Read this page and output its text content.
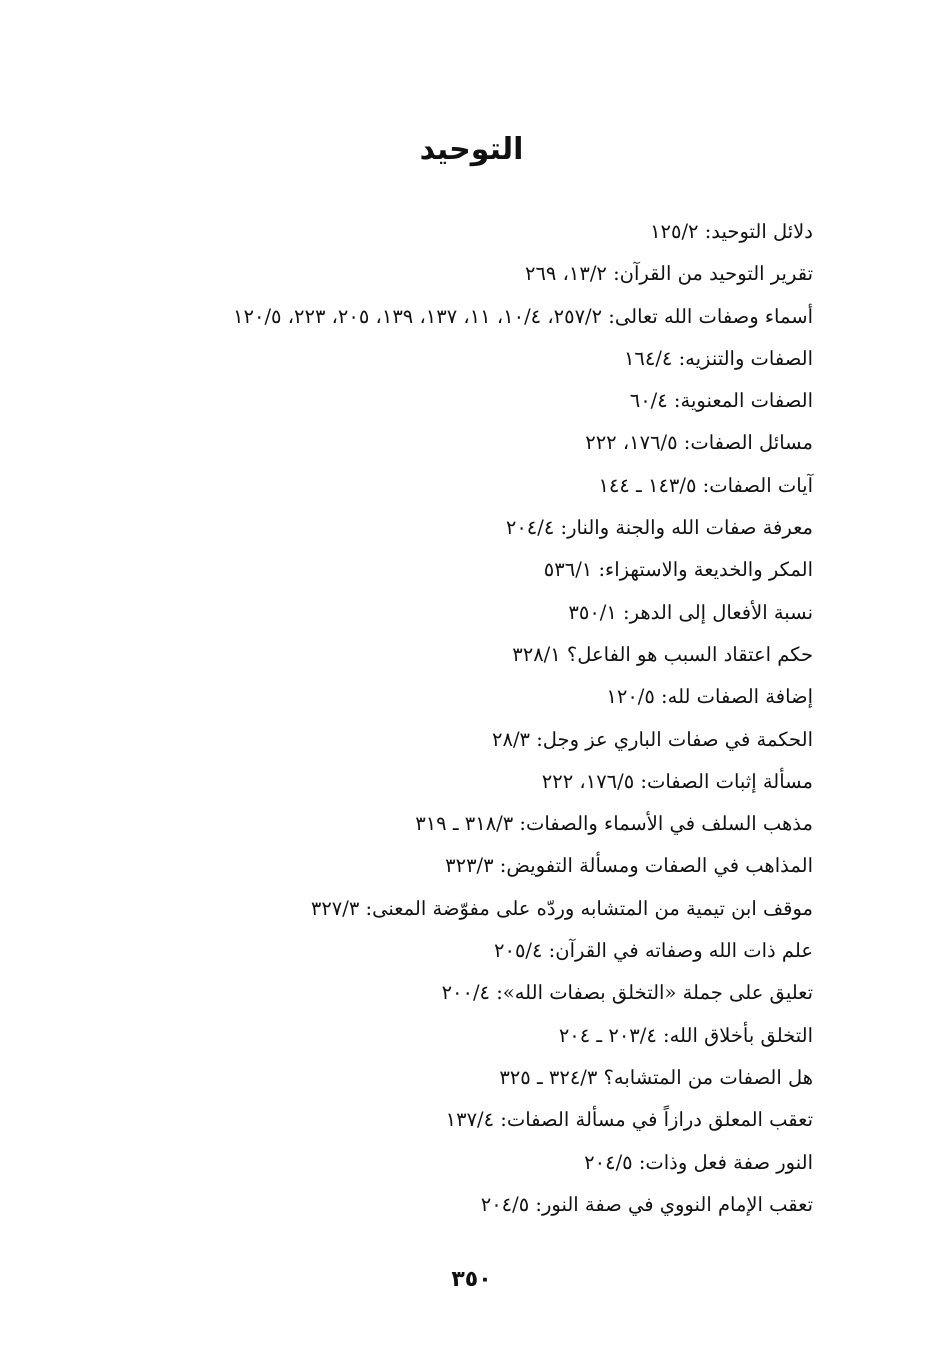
التوحيد
دلائل التوحيد: ١٢٥/٢
تقرير التوحيد من القرآن: ١٣/٢، ٢٦٩
أسماء وصفات الله تعالى: ٢٥٧/٢، ١٠/٤، ١١، ١٣٧، ١٣٩، ٢٠٥، ٢٢٣، ١٢٠/٥
الصفات والتنزيه: ١٦٤/٤
الصفات المعنوية: ٦٠/٤
مسائل الصفات: ١٧٦/٥، ٢٢٢
آيات الصفات: ١٤٣/٥ ـ ١٤٤
معرفة صفات الله والجنة والنار: ٢٠٤/٤
المكر والخديعة والاستهزاء: ٥٣٦/١
نسبة الأفعال إلى الدهر: ٣٥٠/١
حكم اعتقاد السبب هو الفاعل؟ ٣٢٨/١
إضافة الصفات لله: ١٢٠/٥
الحكمة في صفات الباري عز وجل: ٢٨/٣
مسألة إثبات الصفات: ١٧٦/٥، ٢٢٢
مذهب السلف في الأسماء والصفات: ٣١٨/٣ ـ ٣١٩
المذاهب في الصفات ومسألة التفويض: ٣٢٣/٣
موقف ابن تيمية من المتشابه وردّه على مفوّضة المعنى: ٣٢٧/٣
علم ذات الله وصفاته في القرآن: ٢٠٥/٤
تعليق على جملة «التخلق بصفات الله»: ٢٠٠/٤
التخلق بأخلاق الله: ٢٠٣/٤ ـ ٢٠٤
هل الصفات من المتشابه؟ ٣٢٤/٣ ـ ٣٢٥
تعقب المعلق درازاً في مسألة الصفات: ١٣٧/٤
النور صفة فعل وذات: ٢٠٤/٥
تعقب الإمام النووي في صفة النور: ٢٠٤/٥
٣٥٠
